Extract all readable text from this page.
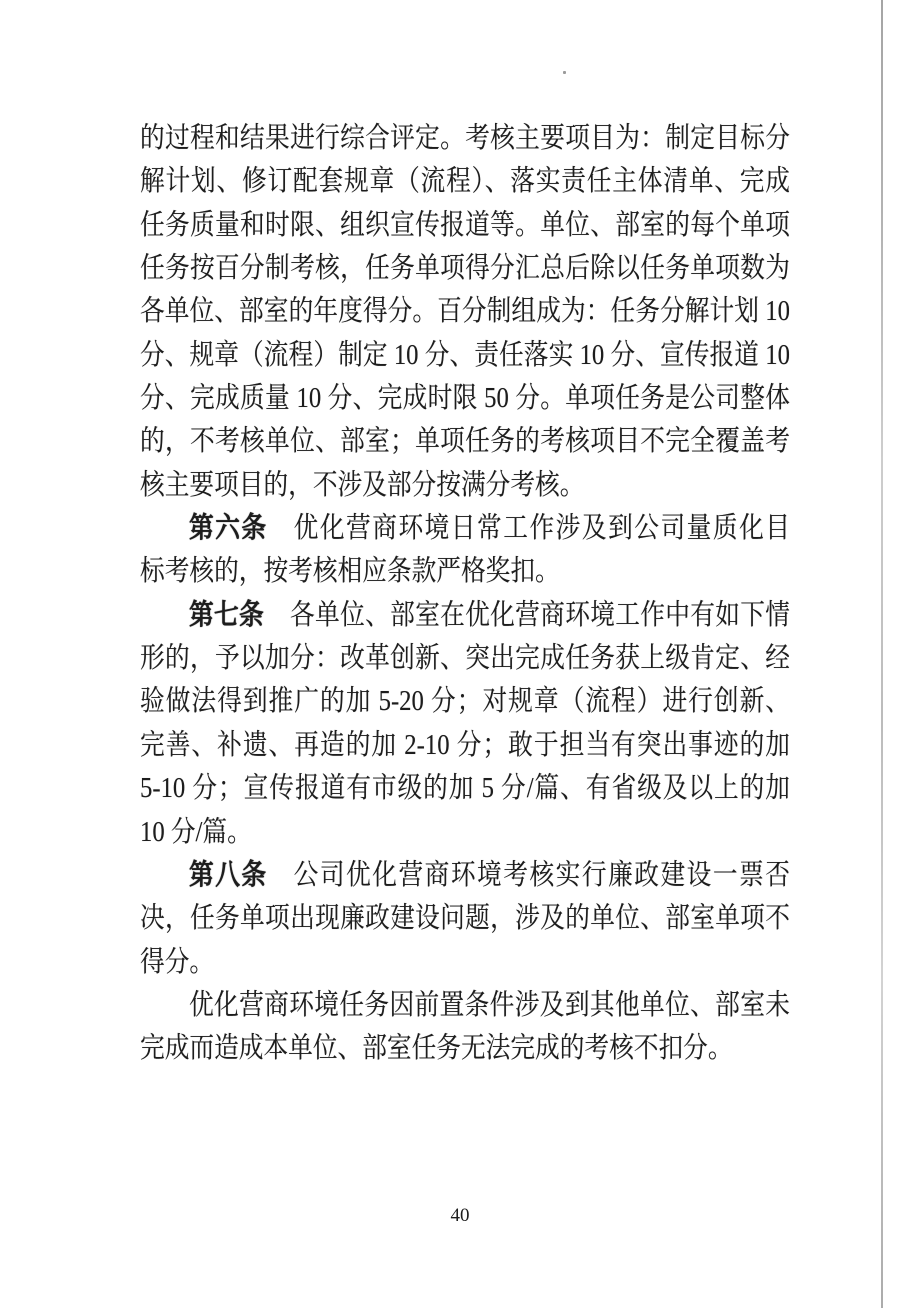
的过程和结果进行综合评定。考核主要项目为：制定目标分
解计划、修订配套规章（流程）、落实责任主体清单、完成
任务质量和时限、组织宣传报道等。单位、部室的每个单项
任务按百分制考核，任务单项得分汇总后除以任务单项数为
各单位、部室的年度得分。百分制组成为：任务分解计划 10
分、规章（流程）制定 10 分、责任落实 10 分、宣传报道 10
分、完成质量 10 分、完成时限 50 分。单项任务是公司整体
的，不考核单位、部室；单项任务的考核项目不完全覆盖考
核主要项目的，不涉及部分按满分考核。
第六条 优化营商环境日常工作涉及到公司量质化目
标考核的，按考核相应条款严格奖扣。
第七条 各单位、部室在优化营商环境工作中有如下情
形的，予以加分：改革创新、突出完成任务获上级肯定、经
验做法得到推广的加 5-20 分；对规章（流程）进行创新、
完善、补遗、再造的加 2-10 分；敢于担当有突出事迹的加
5-10 分；宣传报道有市级的加 5 分/篇、有省级及以上的加
10 分/篇。
第八条 公司优化营商环境考核实行廉政建设一票否
决，任务单项出现廉政建设问题，涉及的单位、部室单项不
得分。
优化营商环境任务因前置条件涉及到其他单位、部室未
完成而造成本单位、部室任务无法完成的考核不扣分。
40
